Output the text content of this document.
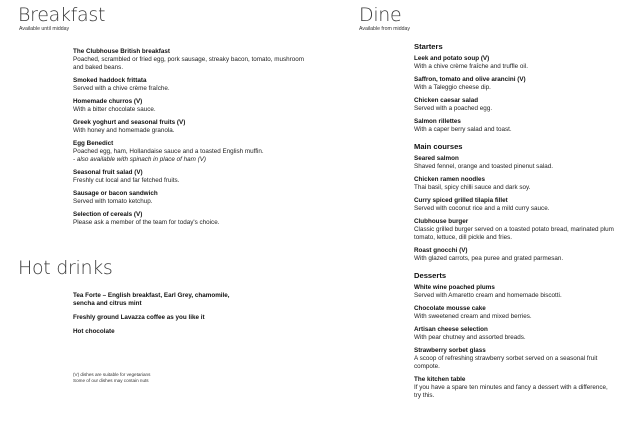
Breakfast

Available until midday

The Clubhouse British breakfast
Poached, scrambled or fried egg, pork sausage, streaky bacon, tomato, mushroom and baked beans.
Smoked haddock frittata
Served with a chive crème fraîche.
Homemade churros (V)
With a bitter chocolate sauce.
Greek yoghurt and seasonal fruits (V)
With honey and homemade granola.
Egg Benedict
Poached egg, ham, Hollandaise sauce and a toasted English muffin.
- also available with spinach in place of ham (V)
Seasonal fruit salad (V)
Freshly cut local and far fetched fruits.
Sausage or bacon sandwich
Served with tomato ketchup.
Selection of cereals (V)
Please ask a member of the team for today's choice.
Hot drinks
Tea Forte – English breakfast, Earl Grey, chamomile, sencha and citrus mint
Freshly ground Lavazza coffee as you like it
Hot chocolate
(V) dishes are suitable for vegetarians
Some of our dishes may contain nuts
Dine

Available from midday

Starters
Leek and potato soup (V)
With a chive crème fraîche and truffle oil.
Saffron, tomato and olive arancini (V)
With a Taleggio cheese dip.
Chicken caesar salad
Served with a poached egg.
Salmon rillettes
With a caper berry salad and toast.
Main courses
Seared salmon
Shaved fennel, orange and toasted pinenut salad.
Chicken ramen noodles
Thai basil, spicy chilli sauce and dark soy.
Curry spiced grilled tilapia fillet
Served with coconut rice and a mild curry sauce.
Clubhouse burger
Classic grilled burger served on a toasted potato bread, marinated plum tomato, lettuce, dill pickle and fries.
Roast gnocchi (V)
With glazed carrots, pea puree and grated parmesan.
Desserts
White wine poached plums
Served with Amaretto cream and homemade biscotti.
Chocolate mousse cake
With sweetened cream and mixed berries.
Artisan cheese selection
With pear chutney and assorted breads.
Strawberry sorbet glass
A scoop of refreshing strawberry sorbet served on a seasonal fruit compote.
The kitchen table
If you have a spare ten minutes and fancy a dessert with a difference, try this.
